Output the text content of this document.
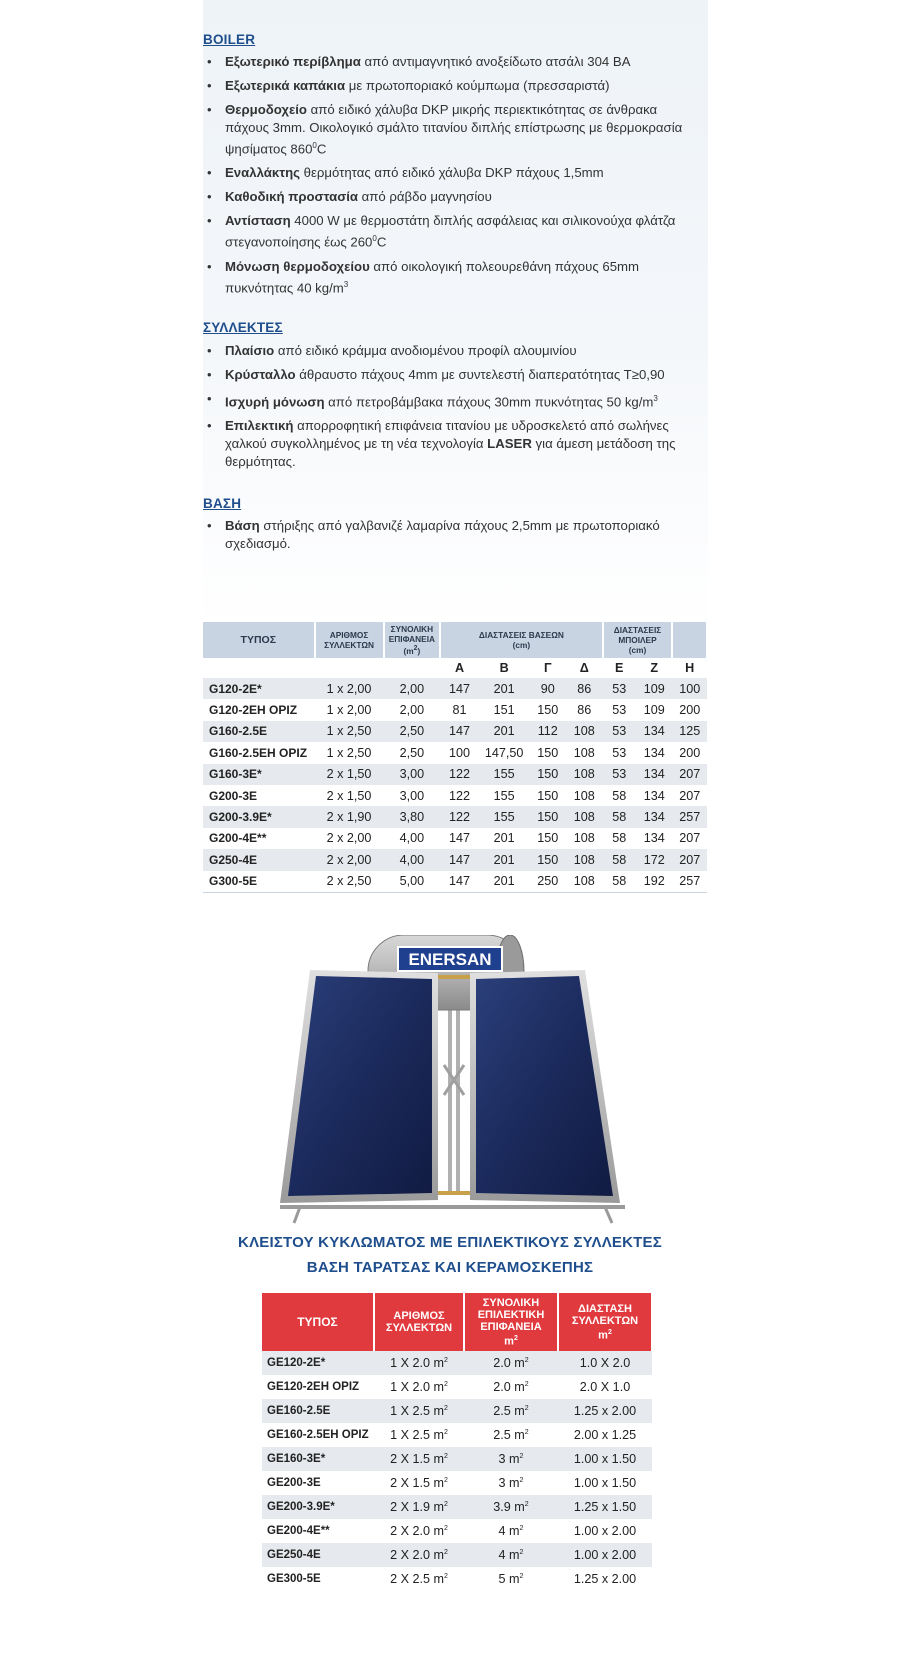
BOILER
• Εξωτερικό περίβλημα από αντιμαγνητικό ανοξείδωτο ατσάλι 304 BA
• Εξωτερικά καπάκια με πρωτοποριακό κούμπωμα (πρεσσαριστά)
• Θερμοδοχείο από ειδικό χάλυβα DKP μικρής περιεκτικότητας σε άνθρακα πάχους 3mm. Οικολογικό σμάλτο τιτανίου διπλής επίστρωσης με θερμοκρασία ψησίματος $860^0C$
• Εναλλάκτης θερμότητας από ειδικό χάλυβα DKP πάχους 1,5mm
• Καθοδική προστασία από ράβδο μαγνησίου
• Αντίσταση 4000 W με θερμοστάτη διπλής ασφάλειας και σιλικονούχα φλάτζα στεγανοποίησης έως $260^0C$
• Μόνωση θερμοδοχείου από οικολογική πολεουρεθάνη πάχους 65mm πυκνότητας 40 $kg/m^3$
ΣΥΛΛΕΚΤΕΣ
• Πλαίσιο από ειδικό κράμμα ανοδιομένου προφίλ αλουμινίου
• Κρύσταλλο άθραυστο πάχους 4mm με συντελεστή διαπερατότητας Τ≥0,90
• Ισχυρή μόνωση από πετροβάμβακα πάχους 30mm πυκνότητας 50 $kg/m^3$
• Επιλεκτική απορροφητική επιφάνεια τιτανίου με υδροσκελετό από σωλήνες χαλκού συγκολλημένος με τη νέα τεχνολογία LASER για άμεση μετάδοση της θερμότητας.
ΒΑΣΗ
• Βάση στήριξης από γαλβανιζέ λαμαρίνα πάχους 2,5mm με πρωτοποριακό σχεδιασμό.
ΤΥΠΟΣ	ΑΡΙΘΜΟΣ ΣΥΛΛΕΚΤΩΝ	ΣΥΝΟΛΙΚΗ ΕΠΙΦΑΝΕΙΑ
$(m^2)$	ΔΙΑΣΤΑΣΕΙΣ ΒΑΣΕΩΝ
(cm)				ΔΙΑΣΤΑΣΕΙΣ ΜΠΟΙΛΕΡ
(cm)		
			Α	Β	Γ	Δ	Ε	Ζ	Η
G120-2E*	1 x 2,00	2,00	147	201	90	86	53	109	100
G120-2EH ΟΡΙΖ	1 x 2,00	2,00	81	151	150	86	53	109	200
G160-2.5E	1 x 2,50	2,50	147	201	112	108	53	134	125
G160-2.5EH ΟΡΙΖ	1 x 2,50	2,50	100	147,50	150	108	53	134	200
G160-3E*	2 x 1,50	3,00	122	155	150	108	53	134	207
G200-3E	2 x 1,50	3,00	122	155	150	108	58	134	207
G200-3.9E*	2 x 1,90	3,80	122	155	150	108	58	134	257
G200-4E**	2 x 2,00	4,00	147	201	150	108	58	134	207
G250-4E	2 x 2,00	4,00	147	201	150	108	58	172	207
G300-5E	2 x 2,50	5,00	147	201	250	108	58	192	257
ENERSAN
ΚΛΕΙΣΤΟΥ ΚΥΚΛΩΜΑΤΟΣ ΜΕ ΕΠΙΛΕΚΤΙΚΟΥΣ ΣΥΛΛΕΚΤΕΣ
ΒΑΣΗ ΤΑΡΑΤΣΑΣ ΚΑΙ ΚΕΡΑΜΟΣΚΕΠΗΣ
ΤΥΠΟΣ	ΑΡΙΘΜΟΣ ΣΥΛΛΕΚΤΩΝ	ΣΥΝΟΛΙΚΗ ΕΠΙΛΕΚΤΙΚΗ ΕΠΙΦΑΝΕΙΑ
$m^2$	ΔΙΑΣΤΑΣΗ ΣΥΛΛΕΚΤΩΝ
$m^2$
GE120-2E*	1 X 2.0 $m^2$	2.0 $m^2$	1.0 X 2.0
GE120-2EH ΟΡΙΖ	1 X 2.0 $m^2$	2.0 $m^2$	2.0 X 1.0
GE160-2.5E	1 X 2.5 $m^2$	2.5 $m^2$	1.25 x 2.00
GE160-2.5EH ΟΡΙΖ	1 X 2.5 $m^2$	2.5 $m^2$	2.00 x 1.25
GE160-3E*	2 X 1.5 $m^2$	3 $m^2$	1.00 x 1.50
GE200-3E	2 X 1.5 $m^2$	3 $m^2$	1.00 x 1.50
GE200-3.9E*	2 X 1.9 $m^2$	3.9 $m^2$	1.25 x 1.50
GE200-4E**	2 X 2.0 $m^2$	4 $m^2$	1.00 x 2.00
GE250-4E	2 X 2.0 $m^2$	4 $m^2$	1.00 x 2.00
GE300-5E	2 X 2.5 $m^2$	5 $m^2$	1.25 x 2.00
